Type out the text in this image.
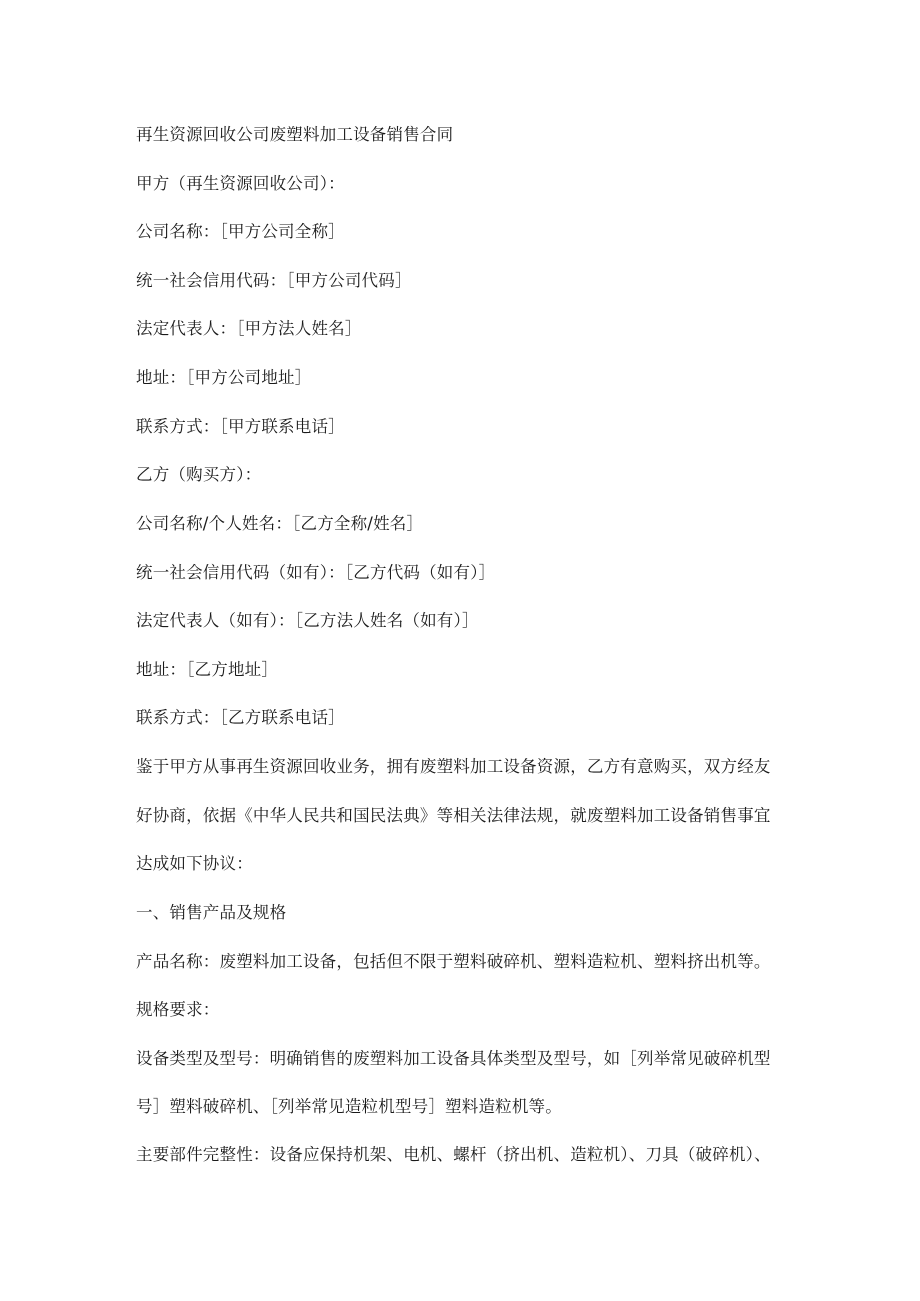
再生资源回收公司废塑料加工设备销售合同
甲方（再生资源回收公司）：
公司名称：［甲方公司全称］
统一社会信用代码：［甲方公司代码］
法定代表人：［甲方法人姓名］
地址：［甲方公司地址］
联系方式：［甲方联系电话］
乙方（购买方）：
公司名称/个人姓名：［乙方全称/姓名］
统一社会信用代码（如有）：［乙方代码（如有）］
法定代表人（如有）：［乙方法人姓名（如有）］
地址：［乙方地址］
联系方式：［乙方联系电话］
鉴于甲方从事再生资源回收业务，拥有废塑料加工设备资源，乙方有意购买，双方经友
好协商，依据《中华人民共和国民法典》等相关法律法规，就废塑料加工设备销售事宜
达成如下协议：
一、销售产品及规格
产品名称：废塑料加工设备，包括但不限于塑料破碎机、塑料造粒机、塑料挤出机等。
规格要求：
设备类型及型号：明确销售的废塑料加工设备具体类型及型号，如［列举常见破碎机型
号］塑料破碎机、［列举常见造粒机型号］塑料造粒机等。
主要部件完整性：设备应保持机架、电机、螺杆（挤出机、造粒机）、刀具（破碎机）、
